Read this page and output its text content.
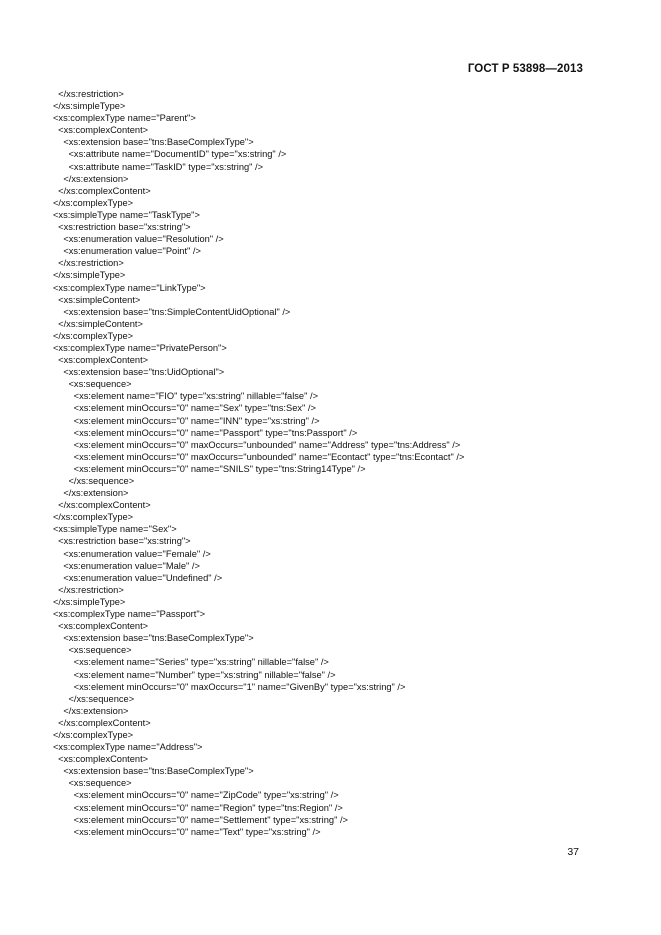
ГОСТ Р 53898—2013
</xs:restriction>
</xs:simpleType>
<xs:complexType name="Parent">
<xs:complexContent>
<xs:extension base="tns:BaseComplexType">
<xs:attribute name="DocumentID" type="xs:string" />
<xs:attribute name="TaskID" type="xs:string" />
</xs:extension>
</xs:complexContent>
</xs:complexType>
<xs:simpleType name="TaskType">
<xs:restriction base="xs:string">
<xs:enumeration value="Resolution" />
<xs:enumeration value="Point" />
</xs:restriction>
</xs:simpleType>
<xs:complexType name="LinkType">
<xs:simpleContent>
<xs:extension base="tns:SimpleContentUidOptional" />
</xs:simpleContent>
</xs:complexType>
<xs:complexType name="PrivatePerson">
<xs:complexContent>
<xs:extension base="tns:UidOptional">
<xs:sequence>
<xs:element name="FIO" type="xs:string" nillable="false" />
<xs:element minOccurs="0" name="Sex" type="tns:Sex" />
<xs:element minOccurs="0" name="INN" type="xs:string" />
<xs:element minOccurs="0" name="Passport" type="tns:Passport" />
<xs:element minOccurs="0" maxOccurs="unbounded" name="Address" type="tns:Address" />
<xs:element minOccurs="0" maxOccurs="unbounded" name="Econtact" type="tns:Econtact" />
<xs:element minOccurs="0" name="SNILS" type="tns:String14Type" />
</xs:sequence>
</xs:extension>
</xs:complexContent>
</xs:complexType>
<xs:simpleType name="Sex">
<xs:restriction base="xs:string">
<xs:enumeration value="Female" />
<xs:enumeration value="Male" />
<xs:enumeration value="Undefined" />
</xs:restriction>
</xs:simpleType>
<xs:complexType name="Passport">
<xs:complexContent>
<xs:extension base="tns:BaseComplexType">
<xs:sequence>
<xs:element name="Series" type="xs:string" nillable="false" />
<xs:element name="Number" type="xs:string" nillable="false" />
<xs:element minOccurs="0" maxOccurs="1" name="GivenBy" type="xs:string" />
</xs:sequence>
</xs:extension>
</xs:complexContent>
</xs:complexType>
<xs:complexType name="Address">
<xs:complexContent>
<xs:extension base="tns:BaseComplexType">
<xs:sequence>
<xs:element minOccurs="0" name="ZipCode" type="xs:string" />
<xs:element minOccurs="0" name="Region" type="tns:Region" />
<xs:element minOccurs="0" name="Settlement" type="xs:string" />
<xs:element minOccurs="0" name="Text" type="xs:string" />
37
